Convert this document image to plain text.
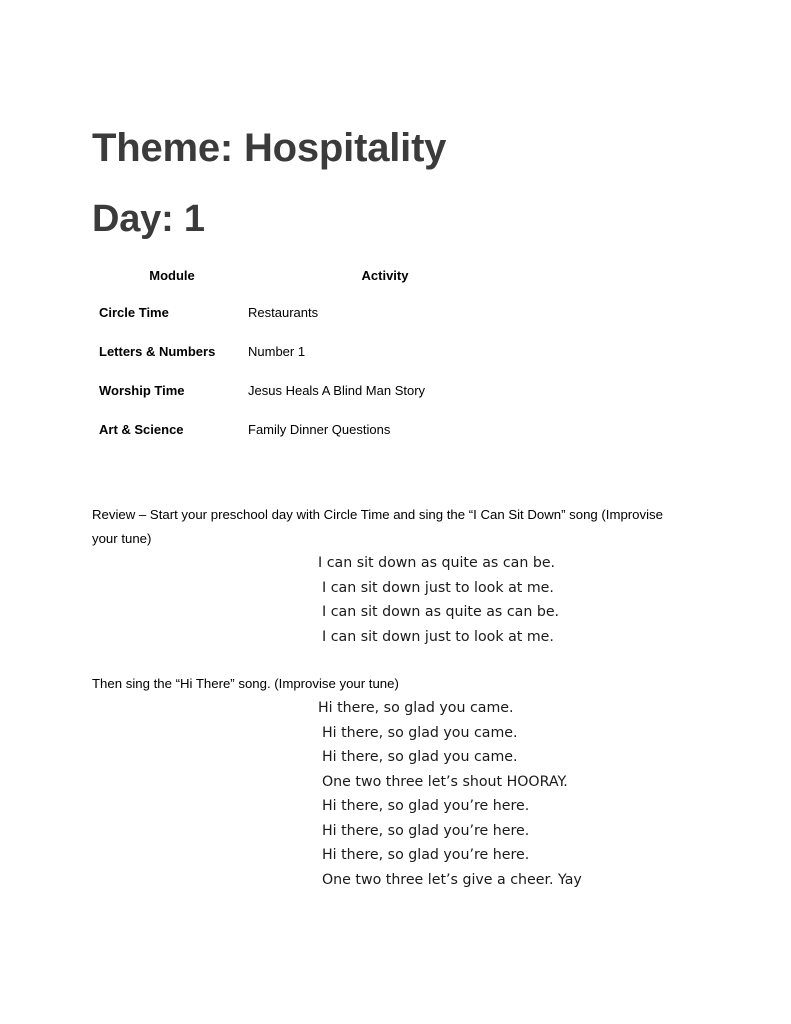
Theme: Hospitality
Day: 1
Module	Activity
Circle Time	Restaurants
Letters & Numbers	Number 1
Worship Time	Jesus Heals A Blind Man Story
Art & Science	Family Dinner Questions

Review – Start your preschool day with Circle Time and sing the “I Can Sit Down” song (Improvise your tune)

I can sit down as quite as can be.
I can sit down just to look at me.
I can sit down as quite as can be.
I can sit down just to look at me.

Then sing the “Hi There” song. (Improvise your tune)

Hi there, so glad you came.
Hi there, so glad you came.
Hi there, so glad you came.
One two three let’s shout HOORAY.
Hi there, so glad you’re here.
Hi there, so glad you’re here.
Hi there, so glad you’re here.
One two three let’s give a cheer. Yay
